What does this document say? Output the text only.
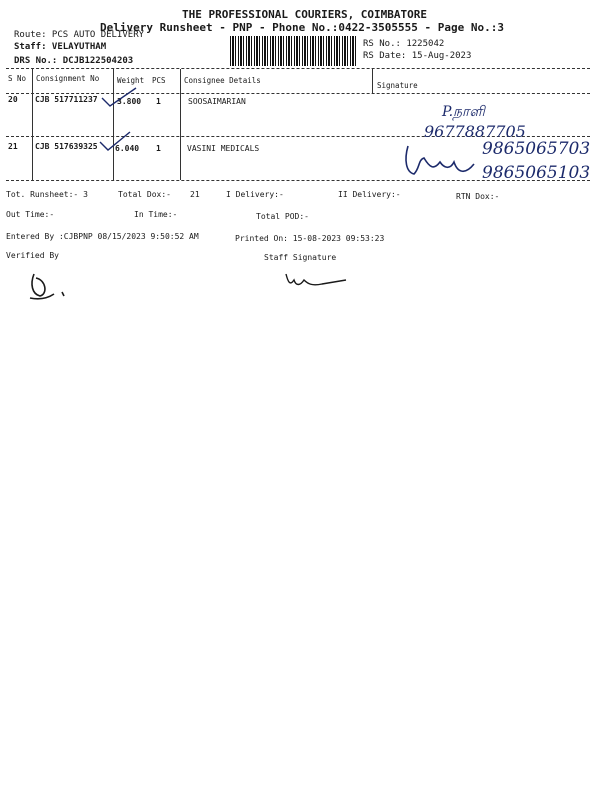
THE PROFESSIONAL COURIERS, COIMBATORE
Delivery Runsheet - PNP - Phone No.:0422-3505555 - Page No.:3
Route: PCS AUTO DELIVERY
Staff: VELAYUTHAM
DRS No.: DCJB122504203
RS No.: 1225042
RS Date: 15-Aug-2023
S No Consignment No Weight PCS Consignee Details
Signature
20 CJB 517711237 3.800 1	SOOSAIMARIAN
21 CJB 517639325 6.040 1	VASINI MEDICALS
P.நாளி
9677887705
9865065703
9865065103
Tot. Runsheet:- 3	Total Dox:- 21	I Delivery:-	II Delivery:-	RTN Dox:-
Out Time:-	In Time:-	Total POD:-
Entered By :CJBPNP 08/15/2023 9:50:52 AM	Printed On: 15-08-2023 09:53:23
Verified By	Staff Signature
